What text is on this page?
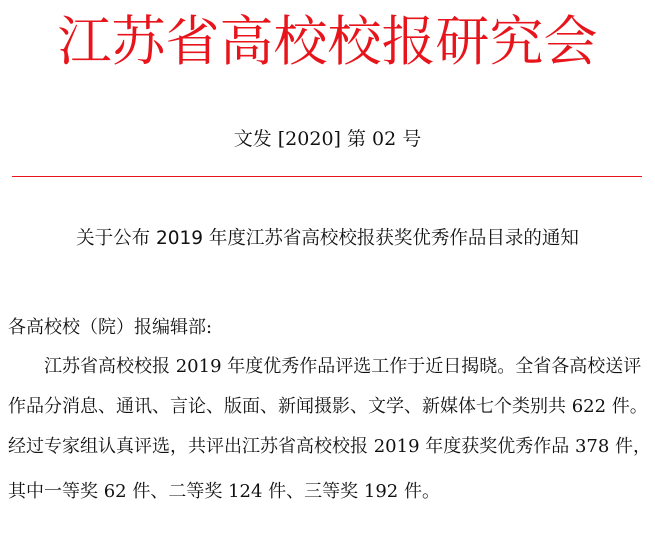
江苏省高校校报研究会
文发 [2020] 第 02 号
关于公布 2019 年度江苏省高校校报获奖优秀作品目录的通知
各高校校（院）报编辑部:
江苏省高校校报 2019 年度优秀作品评选工作于近日揭晓。全省各高校送评
作品分消息、通讯、言论、版面、新闻摄影、文学、新媒体七个类别共 622 件。
经过专家组认真评选，共评出江苏省高校校报 2019 年度获奖优秀作品 378 件，
其中一等奖 62 件、二等奖 124 件、三等奖 192 件。
